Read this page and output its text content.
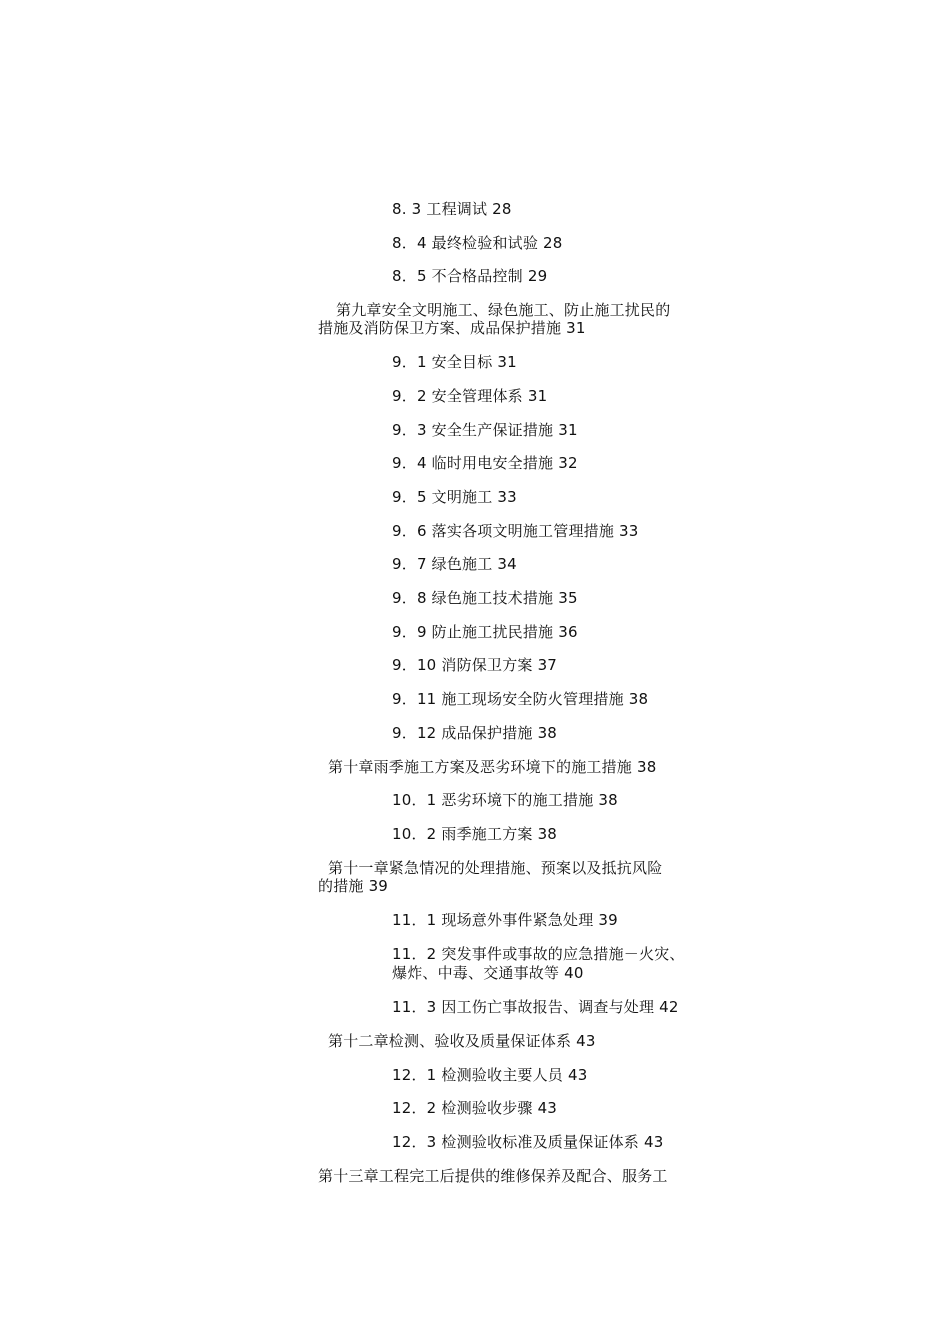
8. 3 工程调试 28
8．4 最终检验和试验 28
8．5 不合格品控制 29
第九章安全文明施工、绿色施工、防止施工扰民的
措施及消防保卫方案、成品保护措施 31
9．1 安全目标 31
9．2 安全管理体系 31
9．3 安全生产保证措施 31
9．4 临时用电安全措施 32
9．5 文明施工 33
9．6 落实各项文明施工管理措施 33
9．7 绿色施工 34
9．8 绿色施工技术措施 35
9．9 防止施工扰民措施 36
9．10 消防保卫方案 37
9．11 施工现场安全防火管理措施 38
9．12 成品保护措施 38
第十章雨季施工方案及恶劣环境下的施工措施 38
10．1 恶劣环境下的施工措施 38
10．2 雨季施工方案 38
第十一章紧急情况的处理措施、预案以及抵抗风险
的措施 39
11．1 现场意外事件紧急处理 39
11．2 突发事件或事故的应急措施－火灾、
爆炸、中毒、交通事故等 40
11．3 因工伤亡事故报告、调查与处理 42
第十二章检测、验收及质量保证体系 43
12．1 检测验收主要人员 43
12．2 检测验收步骤 43
12．3 检测验收标准及质量保证体系 43
第十三章工程完工后提供的维修保养及配合、服务工
